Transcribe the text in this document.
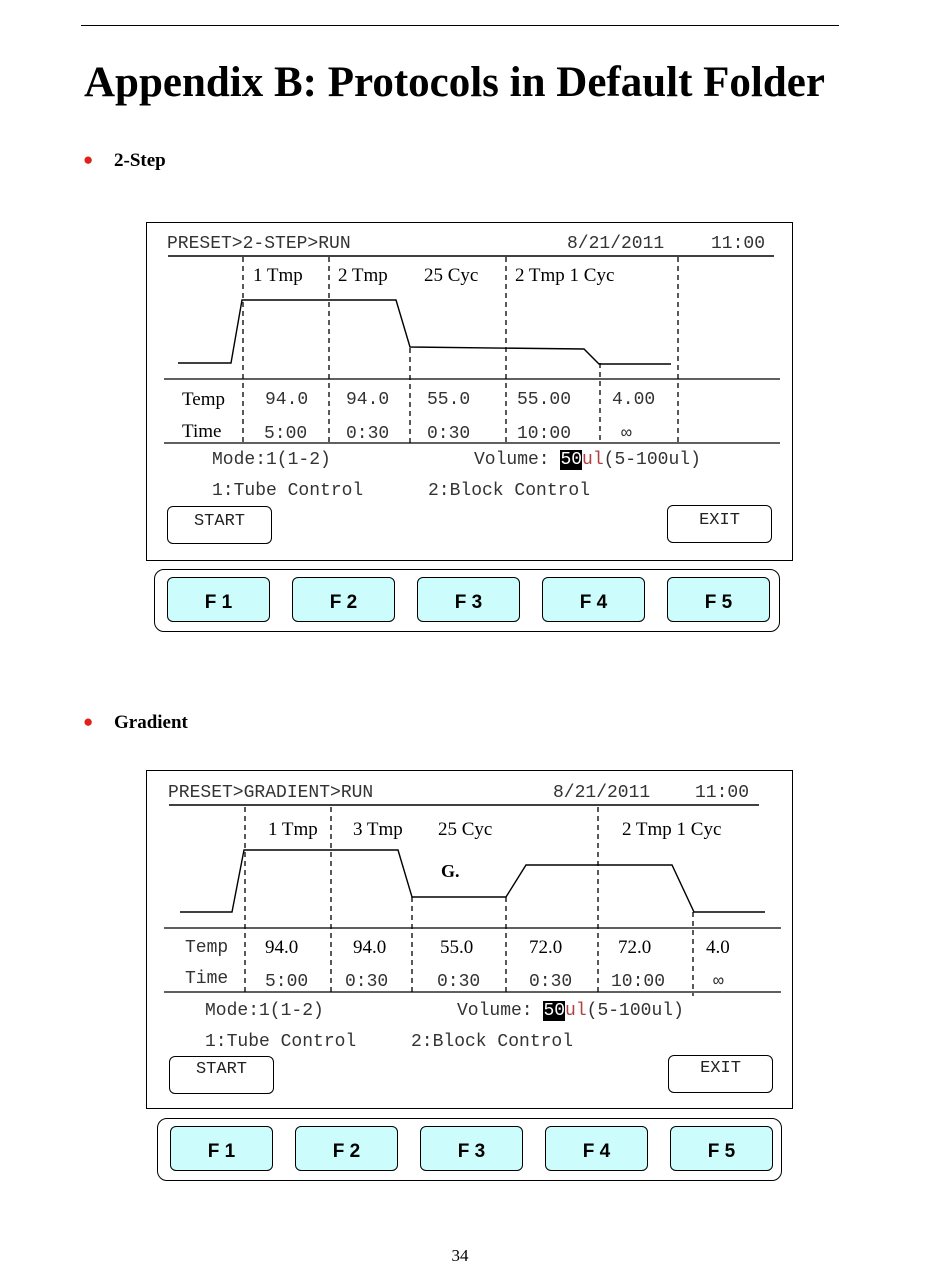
Appendix B: Protocols in Default Folder
● 2-Step
PRESET>2-STEP>RUN	8/21/2011	11:00
1 Tmp 2 Tmp 25 Cyc 2 Tmp 1 Cyc
Temp 94.0 94.0 55.0	55.00 4.00
Time 5:00 0:30 0:30	10:00	∞
Mode:1(1-2)	Volume: 50ul(5-100ul)
1:Tube Control	2:Block Control
START	EXIT
F 1	F 2	F 3	F 4	F 5
● Gradient
PRESET>GRADIENT>RUN	8/21/2011 11:00
1 Tmp 3 Tmp 25 Cyc	2 Tmp 1 Cyc
G.
Temp 94.0	94.0	55.0	72.0	72.0	4.0
Time 5:00 0:30	0:30	0:30 10:00	∞
Mode:1(1-2)	Volume: 50ul(5-100ul)
1:Tube Control	2:Block Control
START	EXIT
F 1	F 2	F 3	F 4	F 5
34
